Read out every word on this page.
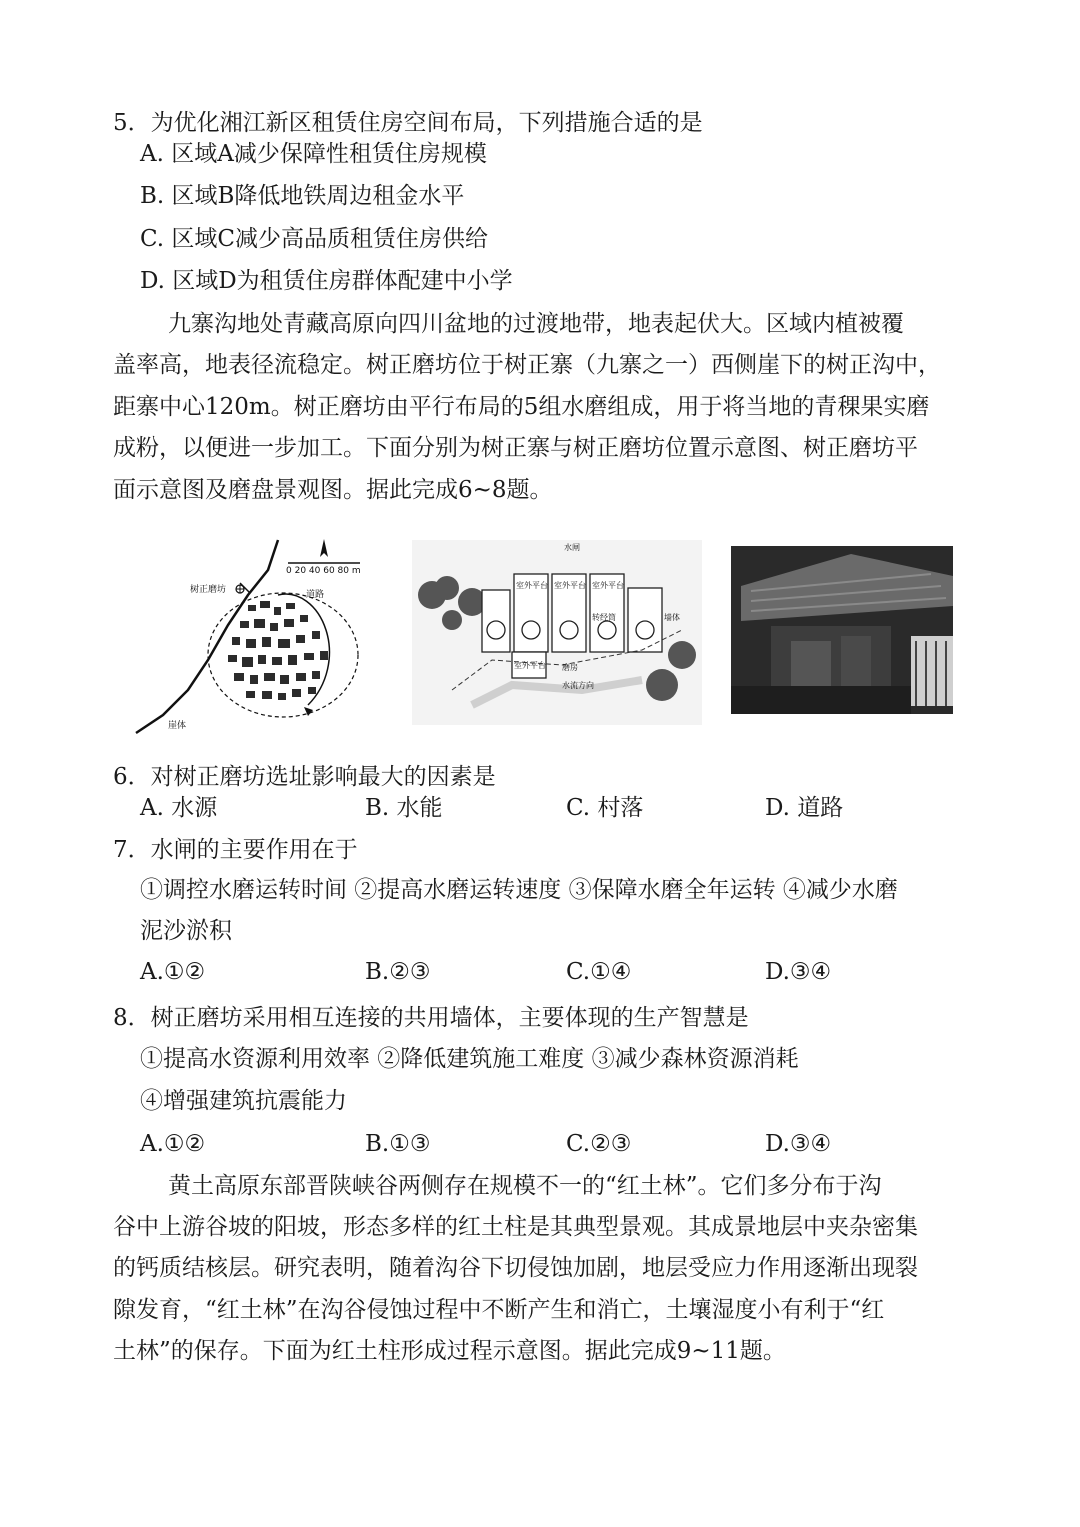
5．为优化湘江新区租赁住房空间布局，下列措施合适的是
A. 区域A减少保障性租赁住房规模
B. 区域B降低地铁周边租金水平
C. 区域C减少高品质租赁住房供给
D. 区域D为租赁住房群体配建中小学
九寨沟地处青藏高原向四川盆地的过渡地带，地表起伏大。区域内植被覆
盖率高，地表径流稳定。树正磨坊位于树正寨（九寨之一）西侧崖下的树正沟中，
距寨中心120m。树正磨坊由平行布局的5组水磨组成，用于将当地的青稞果实磨
成粉，以便进一步加工。下面分别为树正寨与树正磨坊位置示意图、树正磨坊平
面示意图及磨盘景观图。据此完成6~8题。
0 20 40 60 80 m
树正磨坊	道路
崖体
水闸
室外平台 室外平台 室外平台
转经筒	墙体
室外平台 磨房
水流方向
6．对树正磨坊选址影响最大的因素是
A. 水源	B. 水能	C. 村落	D. 道路
7．水闸的主要作用在于
①调控水磨运转时间 ②提高水磨运转速度 ③保障水磨全年运转 ④减少水磨
泥沙淤积
A.①②	B.②③	C.①④	D.③④
8．树正磨坊采用相互连接的共用墙体，主要体现的生产智慧是
①提高水资源利用效率 ②降低建筑施工难度 ③减少森林资源消耗
④增强建筑抗震能力
A.①②	B.①③	C.②③	D.③④
黄土高原东部晋陕峡谷两侧存在规模不一的“红土林”。它们多分布于沟
谷中上游谷坡的阳坡，形态多样的红土柱是其典型景观。其成景地层中夹杂密集
的钙质结核层。研究表明，随着沟谷下切侵蚀加剧，地层受应力作用逐渐出现裂
隙发育，“红土林”在沟谷侵蚀过程中不断产生和消亡，土壤湿度小有利于“红
土林”的保存。下面为红土柱形成过程示意图。据此完成9~11题。
